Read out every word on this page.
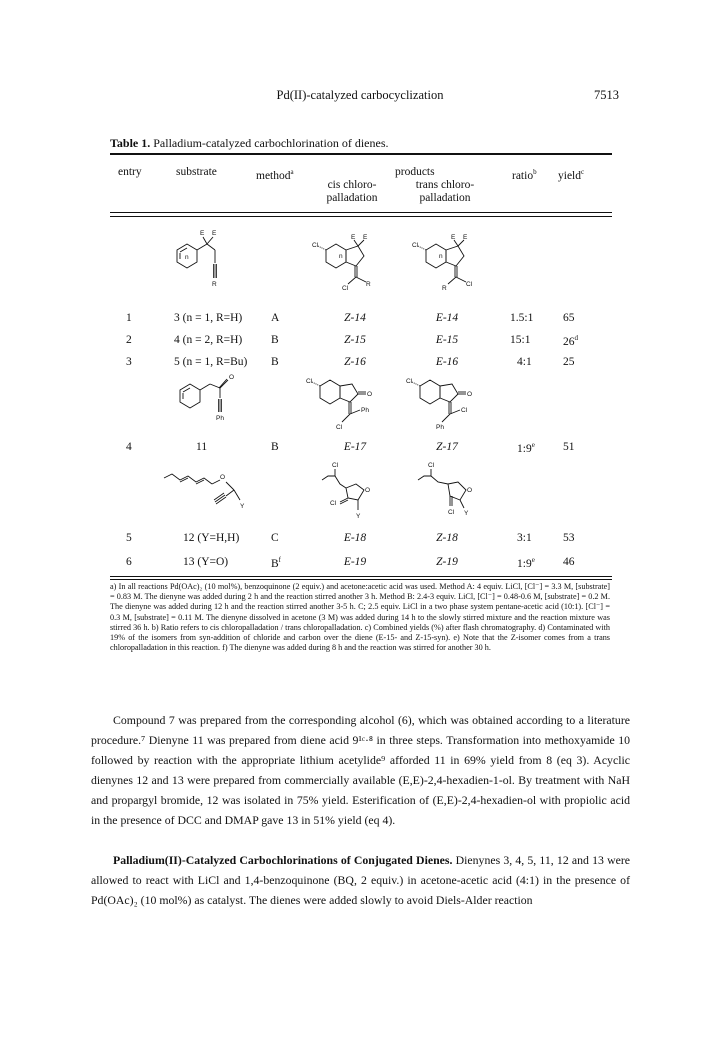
Pd(II)-catalyzed carbocyclization	7513
Table 1. Palladium-catalyzed carbochlorination of dienes.
entry	substrate	method$^a$	products
cis chloro-
palladation
trans chloro-
palladation
ratio$^b$ yield$^c$
E E
n
R
Cl
E E
n
Cl
R
Cl
E E
n
R
Cl
1	3 (n = 1, R=H)	A	Z-14	E-14	1.5:1	65
2	4 (n = 2, R=H)	B	Z-15	E-15	15:1	26$^d$
3	5 (n = 1, R=Bu) B	Z-16	E-16	4:1	25
O
Ph
Cl
O
Cl
Ph
Cl
O
Ph
Cl
4	11	B	E-17	Z-17	1:9e 51
O
Y
Cl
O
Cl
Y
Cl
O
Cl Y
5	12 (Y=H,H)	C	E-18	Z-18	3:1	53
6	13 (Y=O)	$B^f$	E-19	Z-19	1:9e 46
a) In all reactions Pd(OAc)₂ (10 mol%), benzoquinone (2 equiv.) and acetone:acetic acid was used. Method A: 4 equiv. LiCl, [Cl⁻] = 3.3 M, [substrate] = 0.83 M. The dienyne was added during 2 h and the reaction stirred another 3 h. Method B: 2.4-3 equiv. LiCl, [Cl⁻] = 0.48-0.6 M, [substrate] = 0.2 M. The dienyne was added during 12 h and the reaction stirred another 3-5 h. C; 2.5 equiv. LiCl in a two phase system pentane-acetic acid (10:1). [Cl⁻] = 0.3 M, [substrate] = 0.11 M. The dienyne dissolved in acetone (3 M) was added during 14 h to the slowly stirred mixture and the reaction mixture was stirred 36 h. b) Ratio refers to cis chloropalladation / trans chloropalladation. c) Combined yields (%) after flash chromatography. d) Contaminated with 19% of the isomers from syn-addition of chloride and carbon over the diene (E-15- and Z-15-syn). e) Note that the Z-isomer comes from a trans chloropalladation in this reaction. f) The dienyne was added during 8 h and the reaction was stirred for another 30 h.

Compound 7 was prepared from the corresponding alcohol (6), which was obtained according to a literature procedure.⁷ Dienyne 11 was prepared from diene acid 9¹ᶜ·⁸ in three steps. Transformation into methoxyamide 10 followed by reaction with the appropriate lithium acetylide⁹ afforded 11 in 69% yield from 8 (eq 3). Acyclic dienynes 12 and 13 were prepared from commercially available (E,E)-2,4-hexadien-1-ol. By treatment with NaH and propargyl bromide, 12 was isolated in 75% yield. Esterification of (E,E)-2,4-hexadien-ol with propiolic acid in the presence of DCC and DMAP gave 13 in 51% yield (eq 4).

Palladium(II)-Catalyzed Carbochlorinations of Conjugated Dienes. Dienynes 3, 4, 5, 11, 12 and 13 were allowed to react with LiCl and 1,4-benzoquinone (BQ, 2 equiv.) in acetone-acetic acid (4:1) in the presence of Pd(OAc)₂ (10 mol%) as catalyst. The dienes were added slowly to avoid Diels-Alder reaction
